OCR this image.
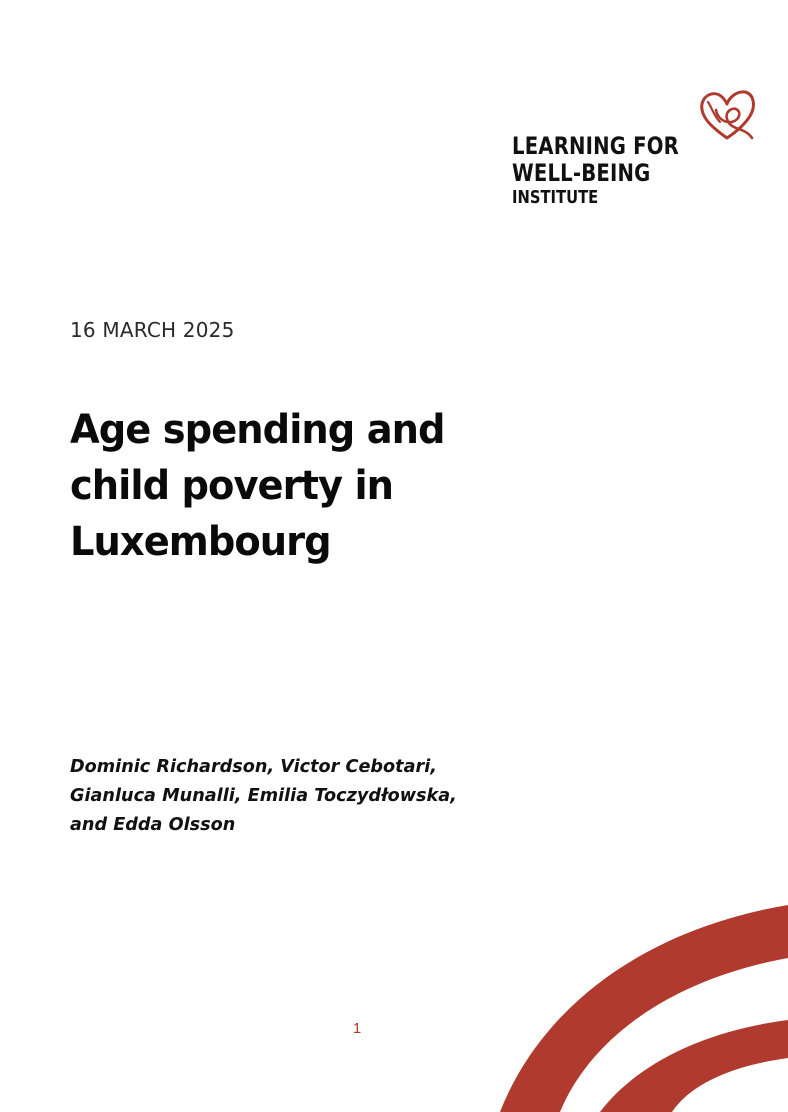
LEARNING FOR
WELL-BEING
INSTITUTE
16 MARCH 2025
Age spending and
child poverty in
Luxembourg
Dominic Richardson, Victor Cebotari,
Gianluca Munalli, Emilia Toczydłowska,
and Edda Olsson
1
